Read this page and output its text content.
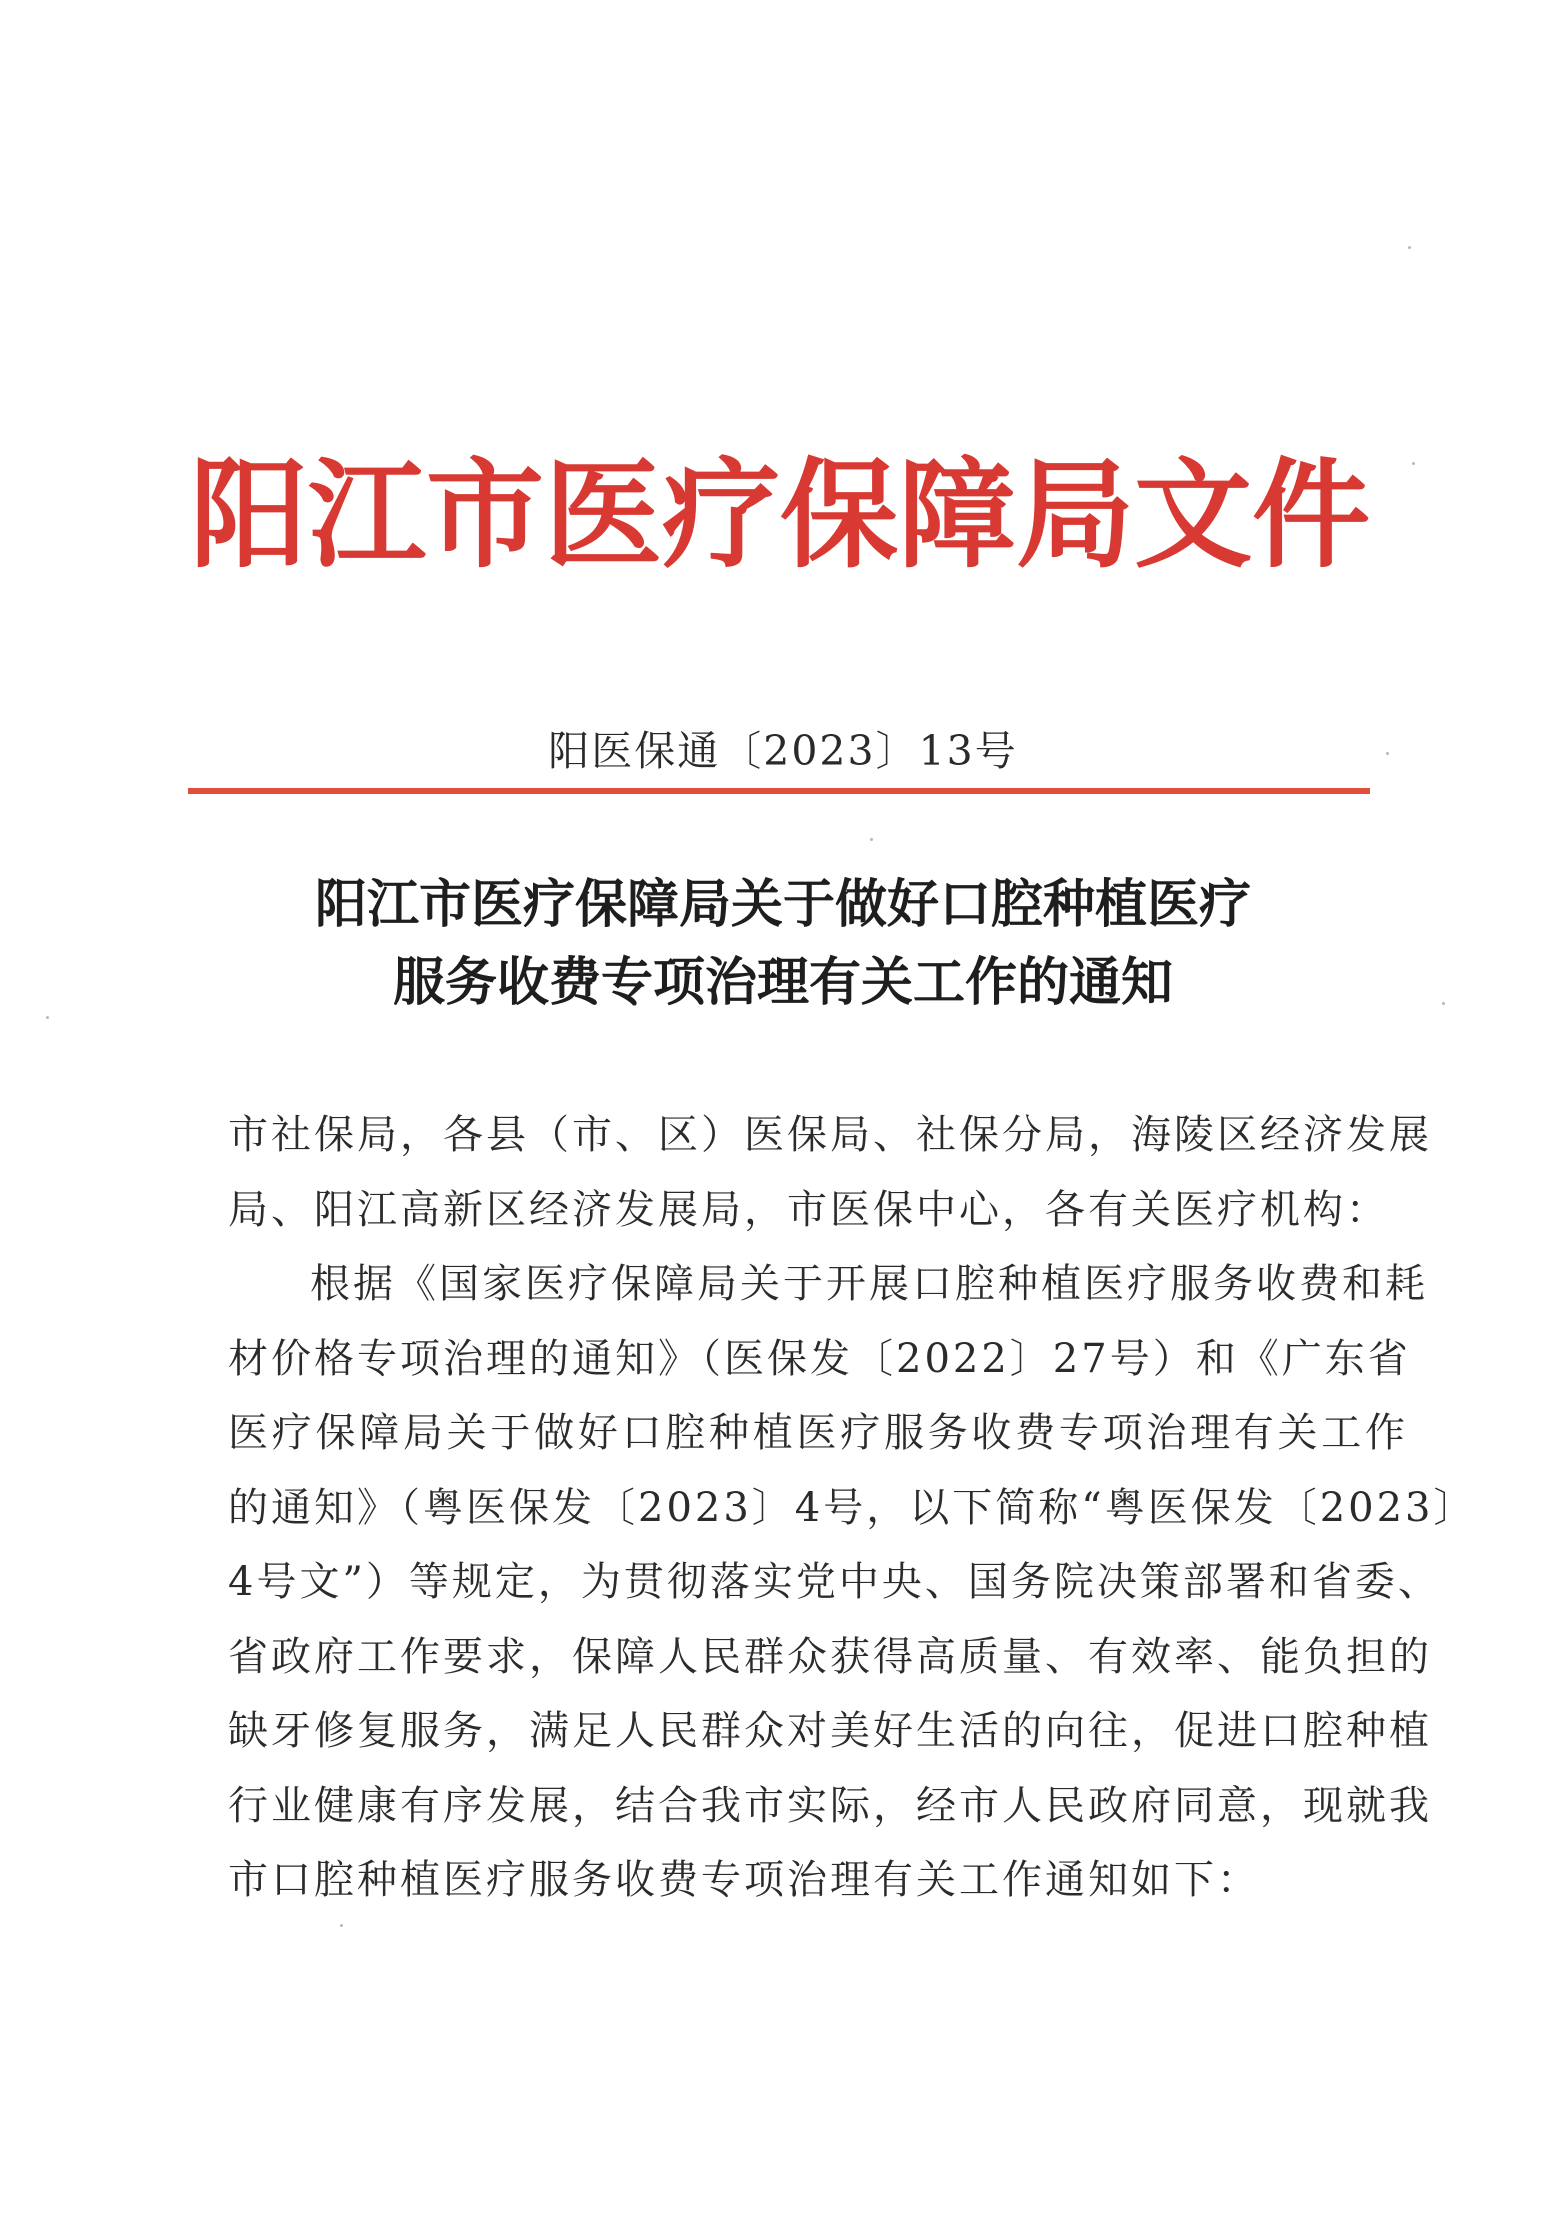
阳 江 市 医 疗 保 障 局 文 件
阳医保通〔2023〕13号
阳江市医疗保障局关于做好口腔种植医疗
服务收费专项治理有关工作的通知
市社保局，各县（市、区）医保局、社保分局，海陵区经济发展
局、阳江高新区经济发展局，市医保中心，各有关医疗机构：
根据《国家医疗保障局关于开展口腔种植医疗服务收费和耗
材价格专项治理的通知》（医保发〔2022〕27号）和《广东省
医疗保障局关于做好口腔种植医疗服务收费专项治理有关工作
的通知》（粤医保发〔2023〕4号，以下简称“粤医保发〔2023〕
4号文”）等规定，为贯彻落实党中央、国务院决策部署和省委、
省政府工作要求，保障人民群众获得高质量、有效率、能负担的
缺牙修复服务，满足人民群众对美好生活的向往，促进口腔种植
行业健康有序发展，结合我市实际，经市人民政府同意，现就我
市口腔种植医疗服务收费专项治理有关工作通知如下：
